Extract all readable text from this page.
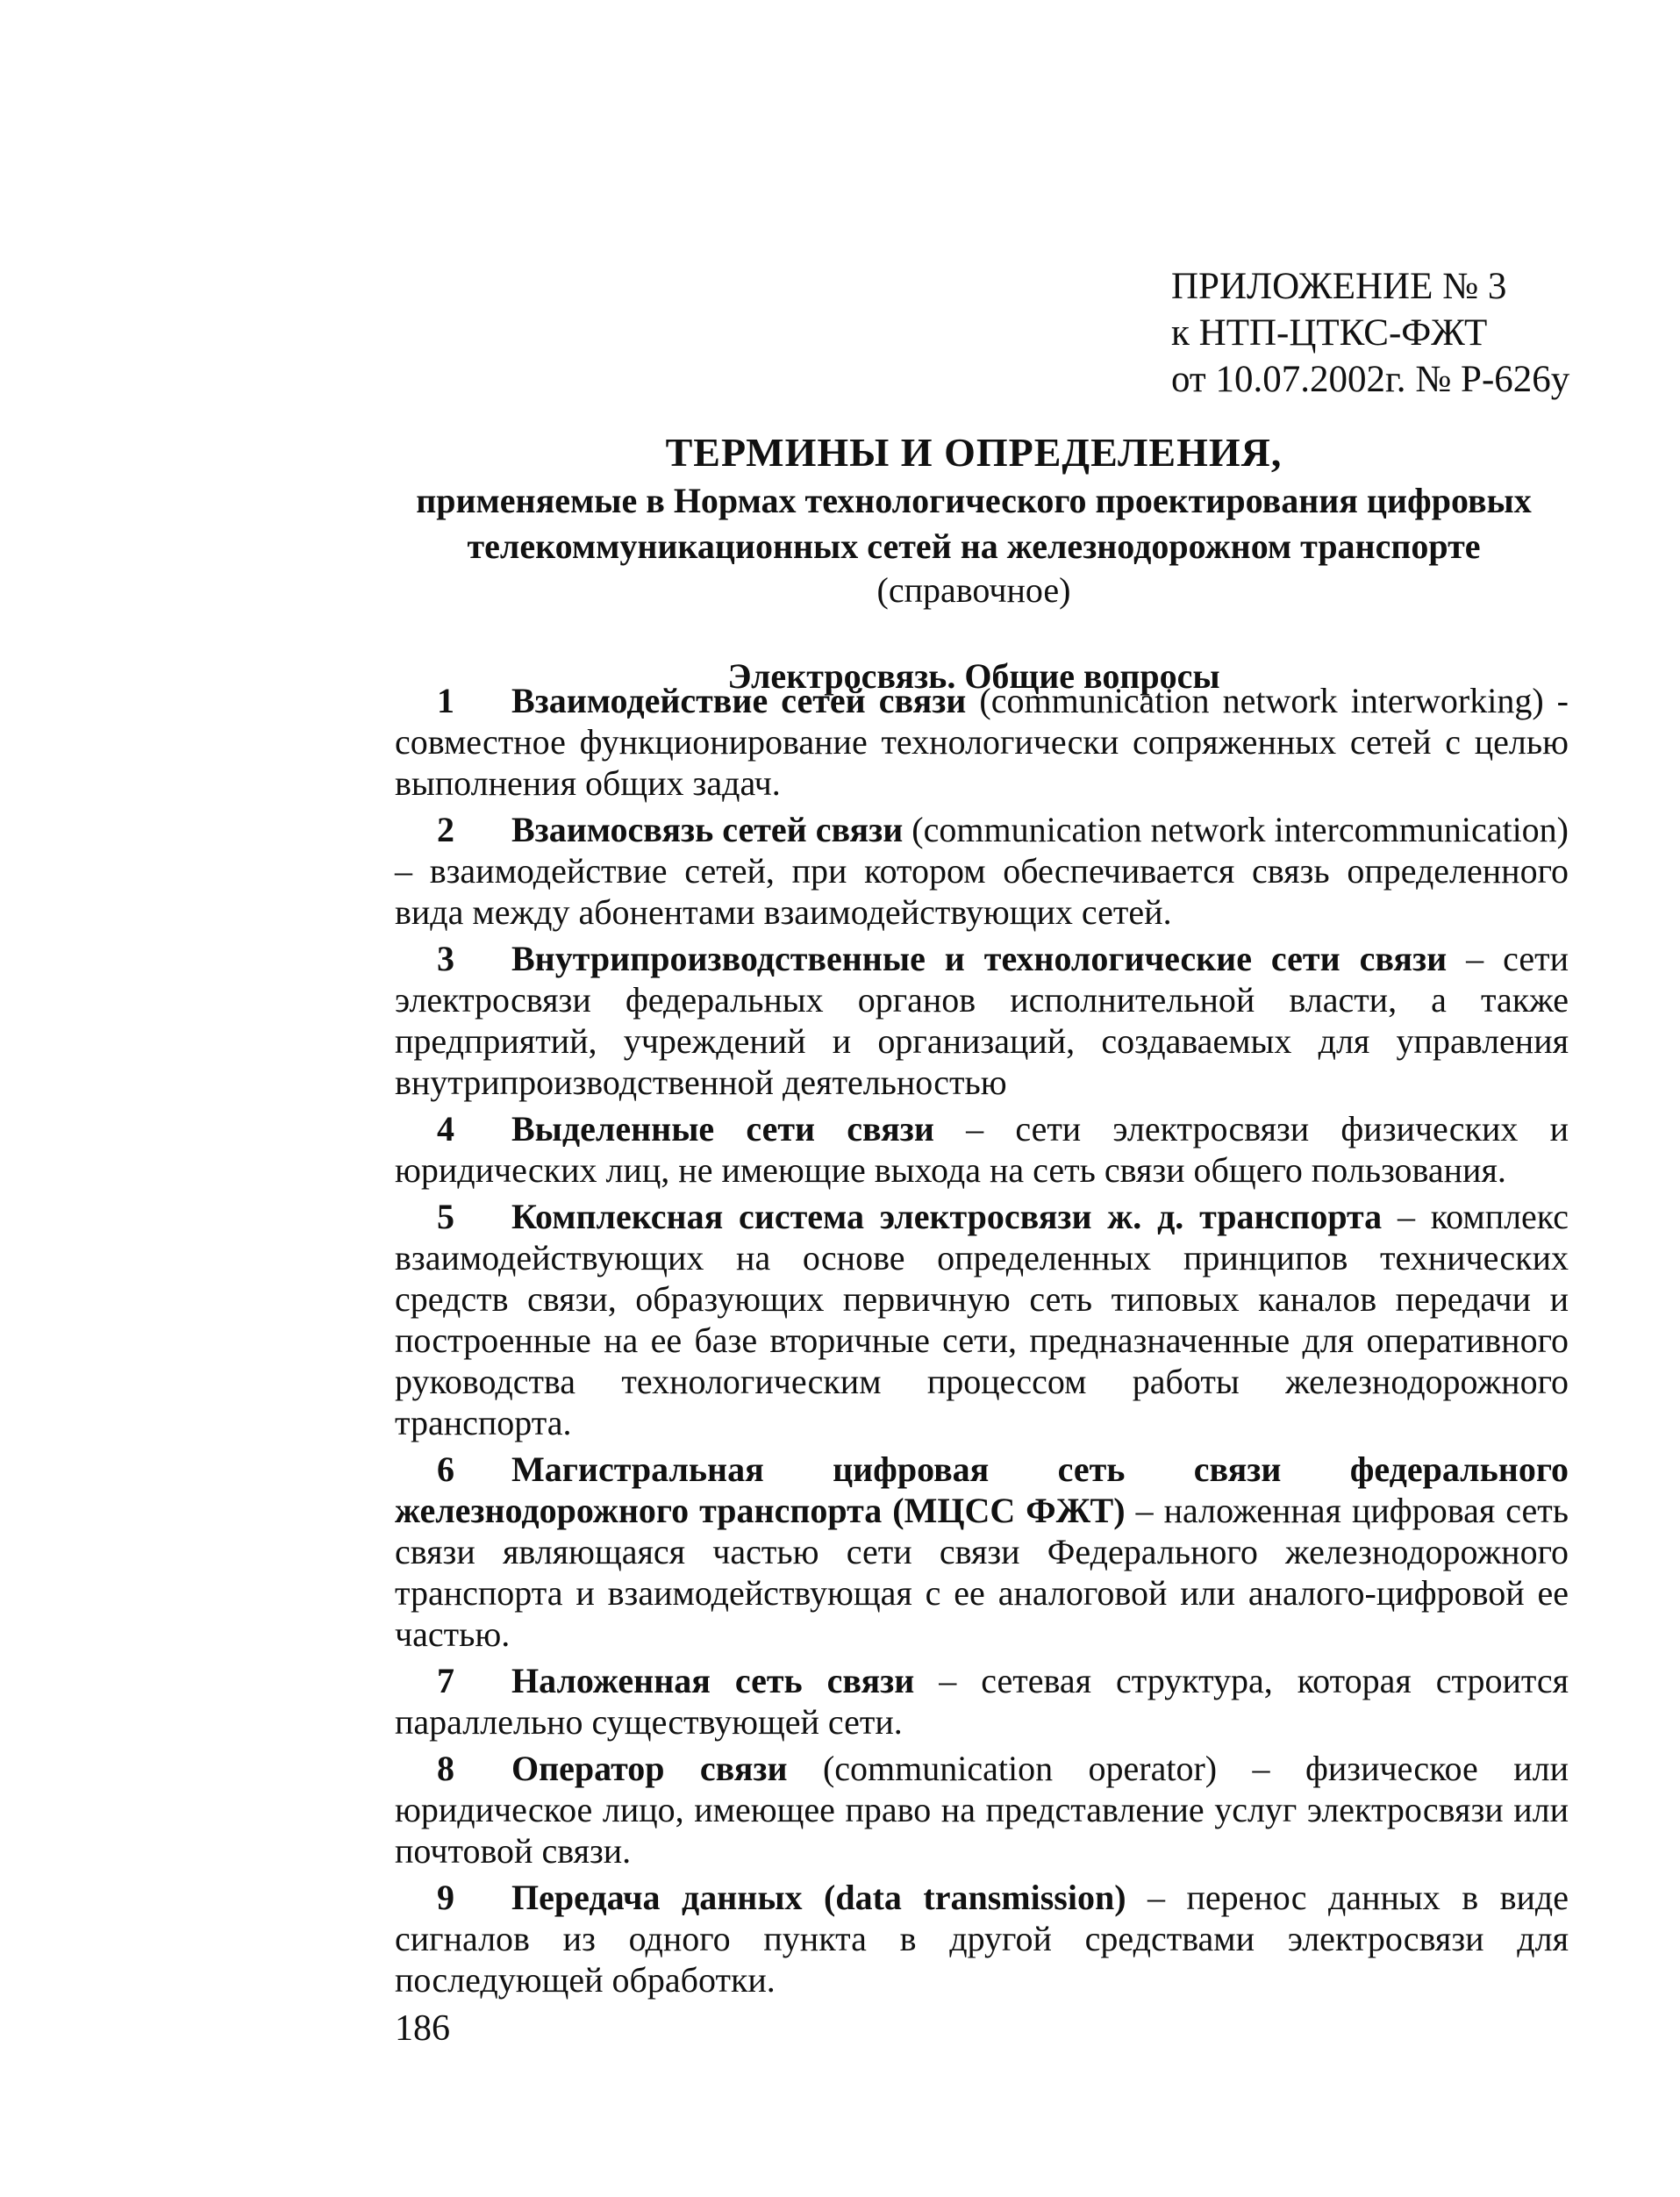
ПРИЛОЖЕНИЕ № 3
к НТП-ЦТКС-ФЖТ
от 10.07.2002г. № Р-626у
ТЕРМИНЫ И ОПРЕДЕЛЕНИЯ,
применяемые в Нормах технологического проектирования цифровых
телекоммуникационных сетей на железнодорожном транспорте
(справочное)
Электросвязь. Общие вопросы

1 Взаимодействие сетей связи (communication network interworking) - совместное функционирование технологически сопряженных сетей с целью выполнения общих задач.

2 Взаимосвязь сетей связи (communication network intercommunication) – взаимодействие сетей, при котором обеспечивается связь определенного вида между абонентами взаимодействующих сетей.

3 Внутрипроизводственные и технологические сети связи – сети электросвязи федеральных органов исполнительной власти, а также предприятий, учреждений и организаций, создаваемых для управления внутрипроизводственной деятельностью

4 Выделенные сети связи – сети электросвязи физических и юридических лиц, не имеющие выхода на сеть связи общего пользования.

5 Комплексная система электросвязи ж. д. транспорта – комплекс взаимодействующих на основе определенных принципов технических средств связи, образующих первичную сеть типовых каналов передачи и построенные на ее базе вторичные сети, предназначенные для оперативного руководства технологическим процессом работы железнодорожного транспорта.

6 Магистральная цифровая сеть связи федерального железнодорожного транспорта (МЦСС ФЖТ) – наложенная цифровая сеть связи являющаяся частью сети связи Федерального железнодорожного транспорта и взаимодействующая с ее аналоговой или аналого-цифровой ее частью.

7 Наложенная сеть связи – сетевая структура, которая строится параллельно существующей сети.

8 Оператор связи (communication operator) – физическое или юридическое лицо, имеющее право на представление услуг электросвязи или почтовой связи.

9 Передача данных (data transmission) – перенос данных в виде сигналов из одного пункта в другой средствами электросвязи для последующей обработки.

186
